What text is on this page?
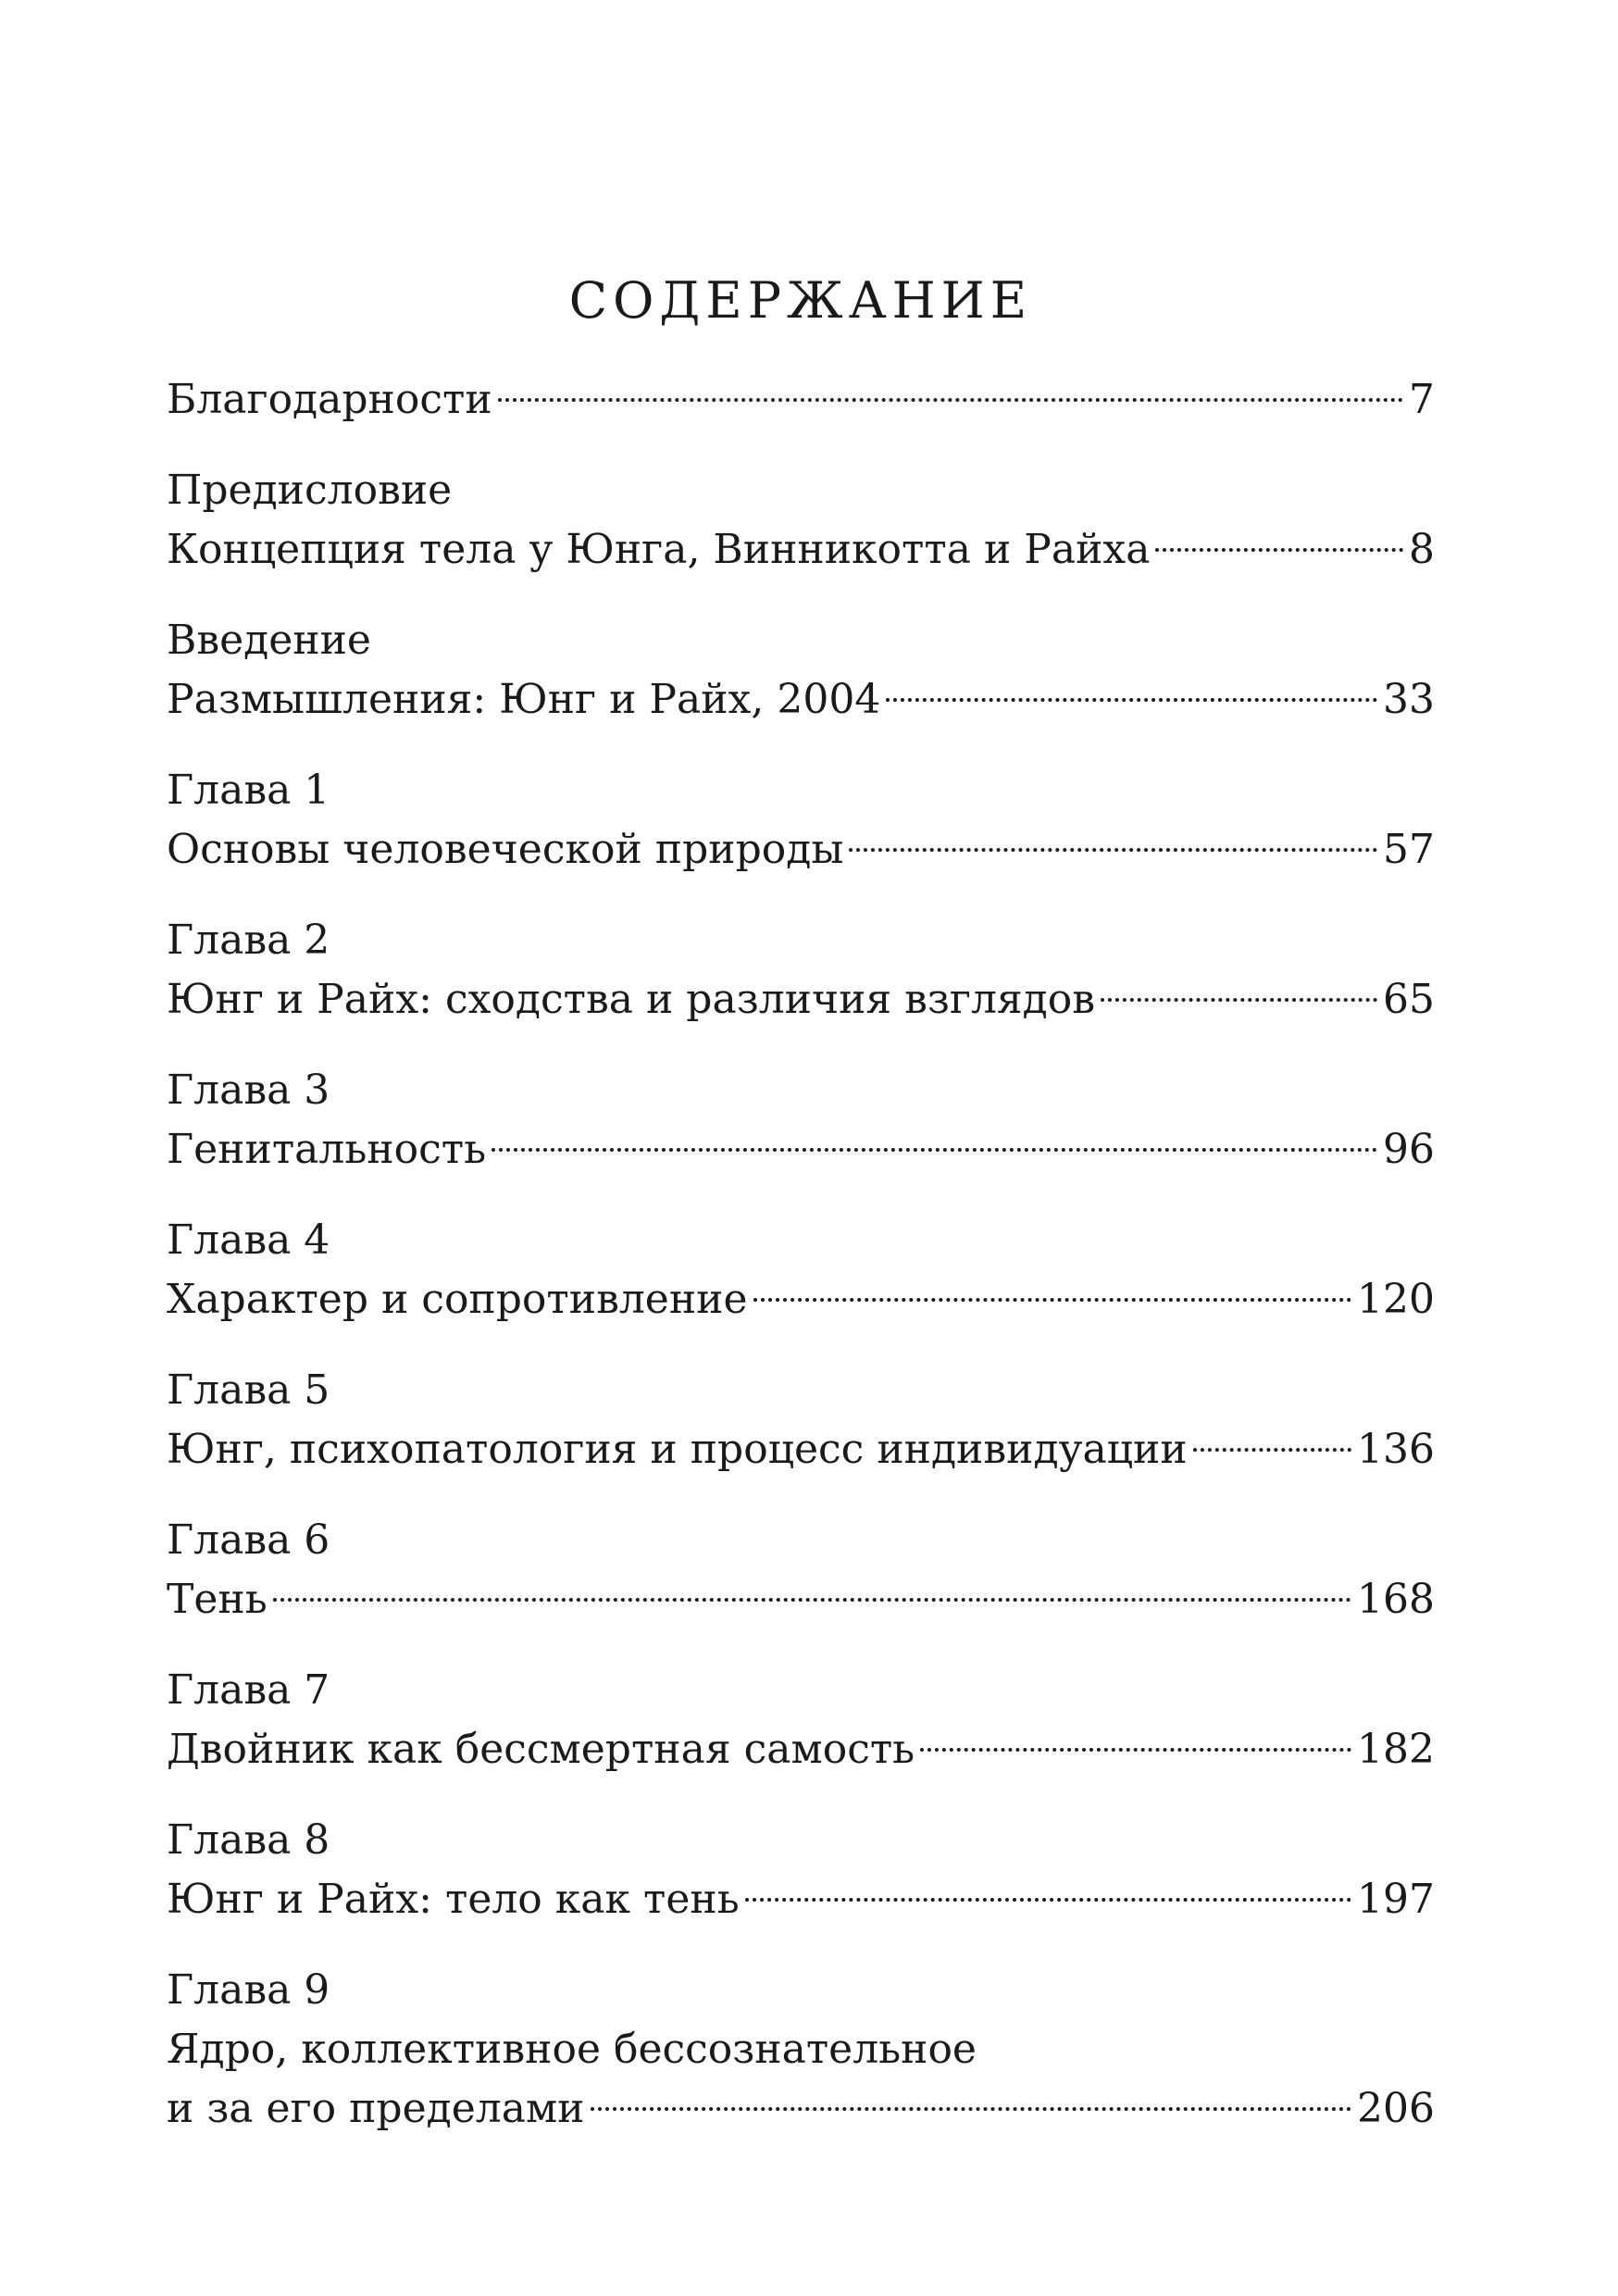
СОДЕРЖАНИЕ
Благодарности	7
Предисловие
Концепция тела у Юнга, Винникотта и Райха	8
Введение
Размышления: Юнг и Райх, 2004	33
Глава 1
Основы человеческой природы	57
Глава 2
Юнг и Райх: сходства и различия взглядов	65
Глава 3
Генитальность	96
Глава 4
Характер и сопротивление	120
Глава 5
Юнг, психопатология и процесс индивидуации	136
Глава 6
Тень	168
Глава 7
Двойник как бессмертная самость	182
Глава 8
Юнг и Райх: тело как тень	197
Глава 9
Ядро, коллективное бессознательное
и за его пределами	206
